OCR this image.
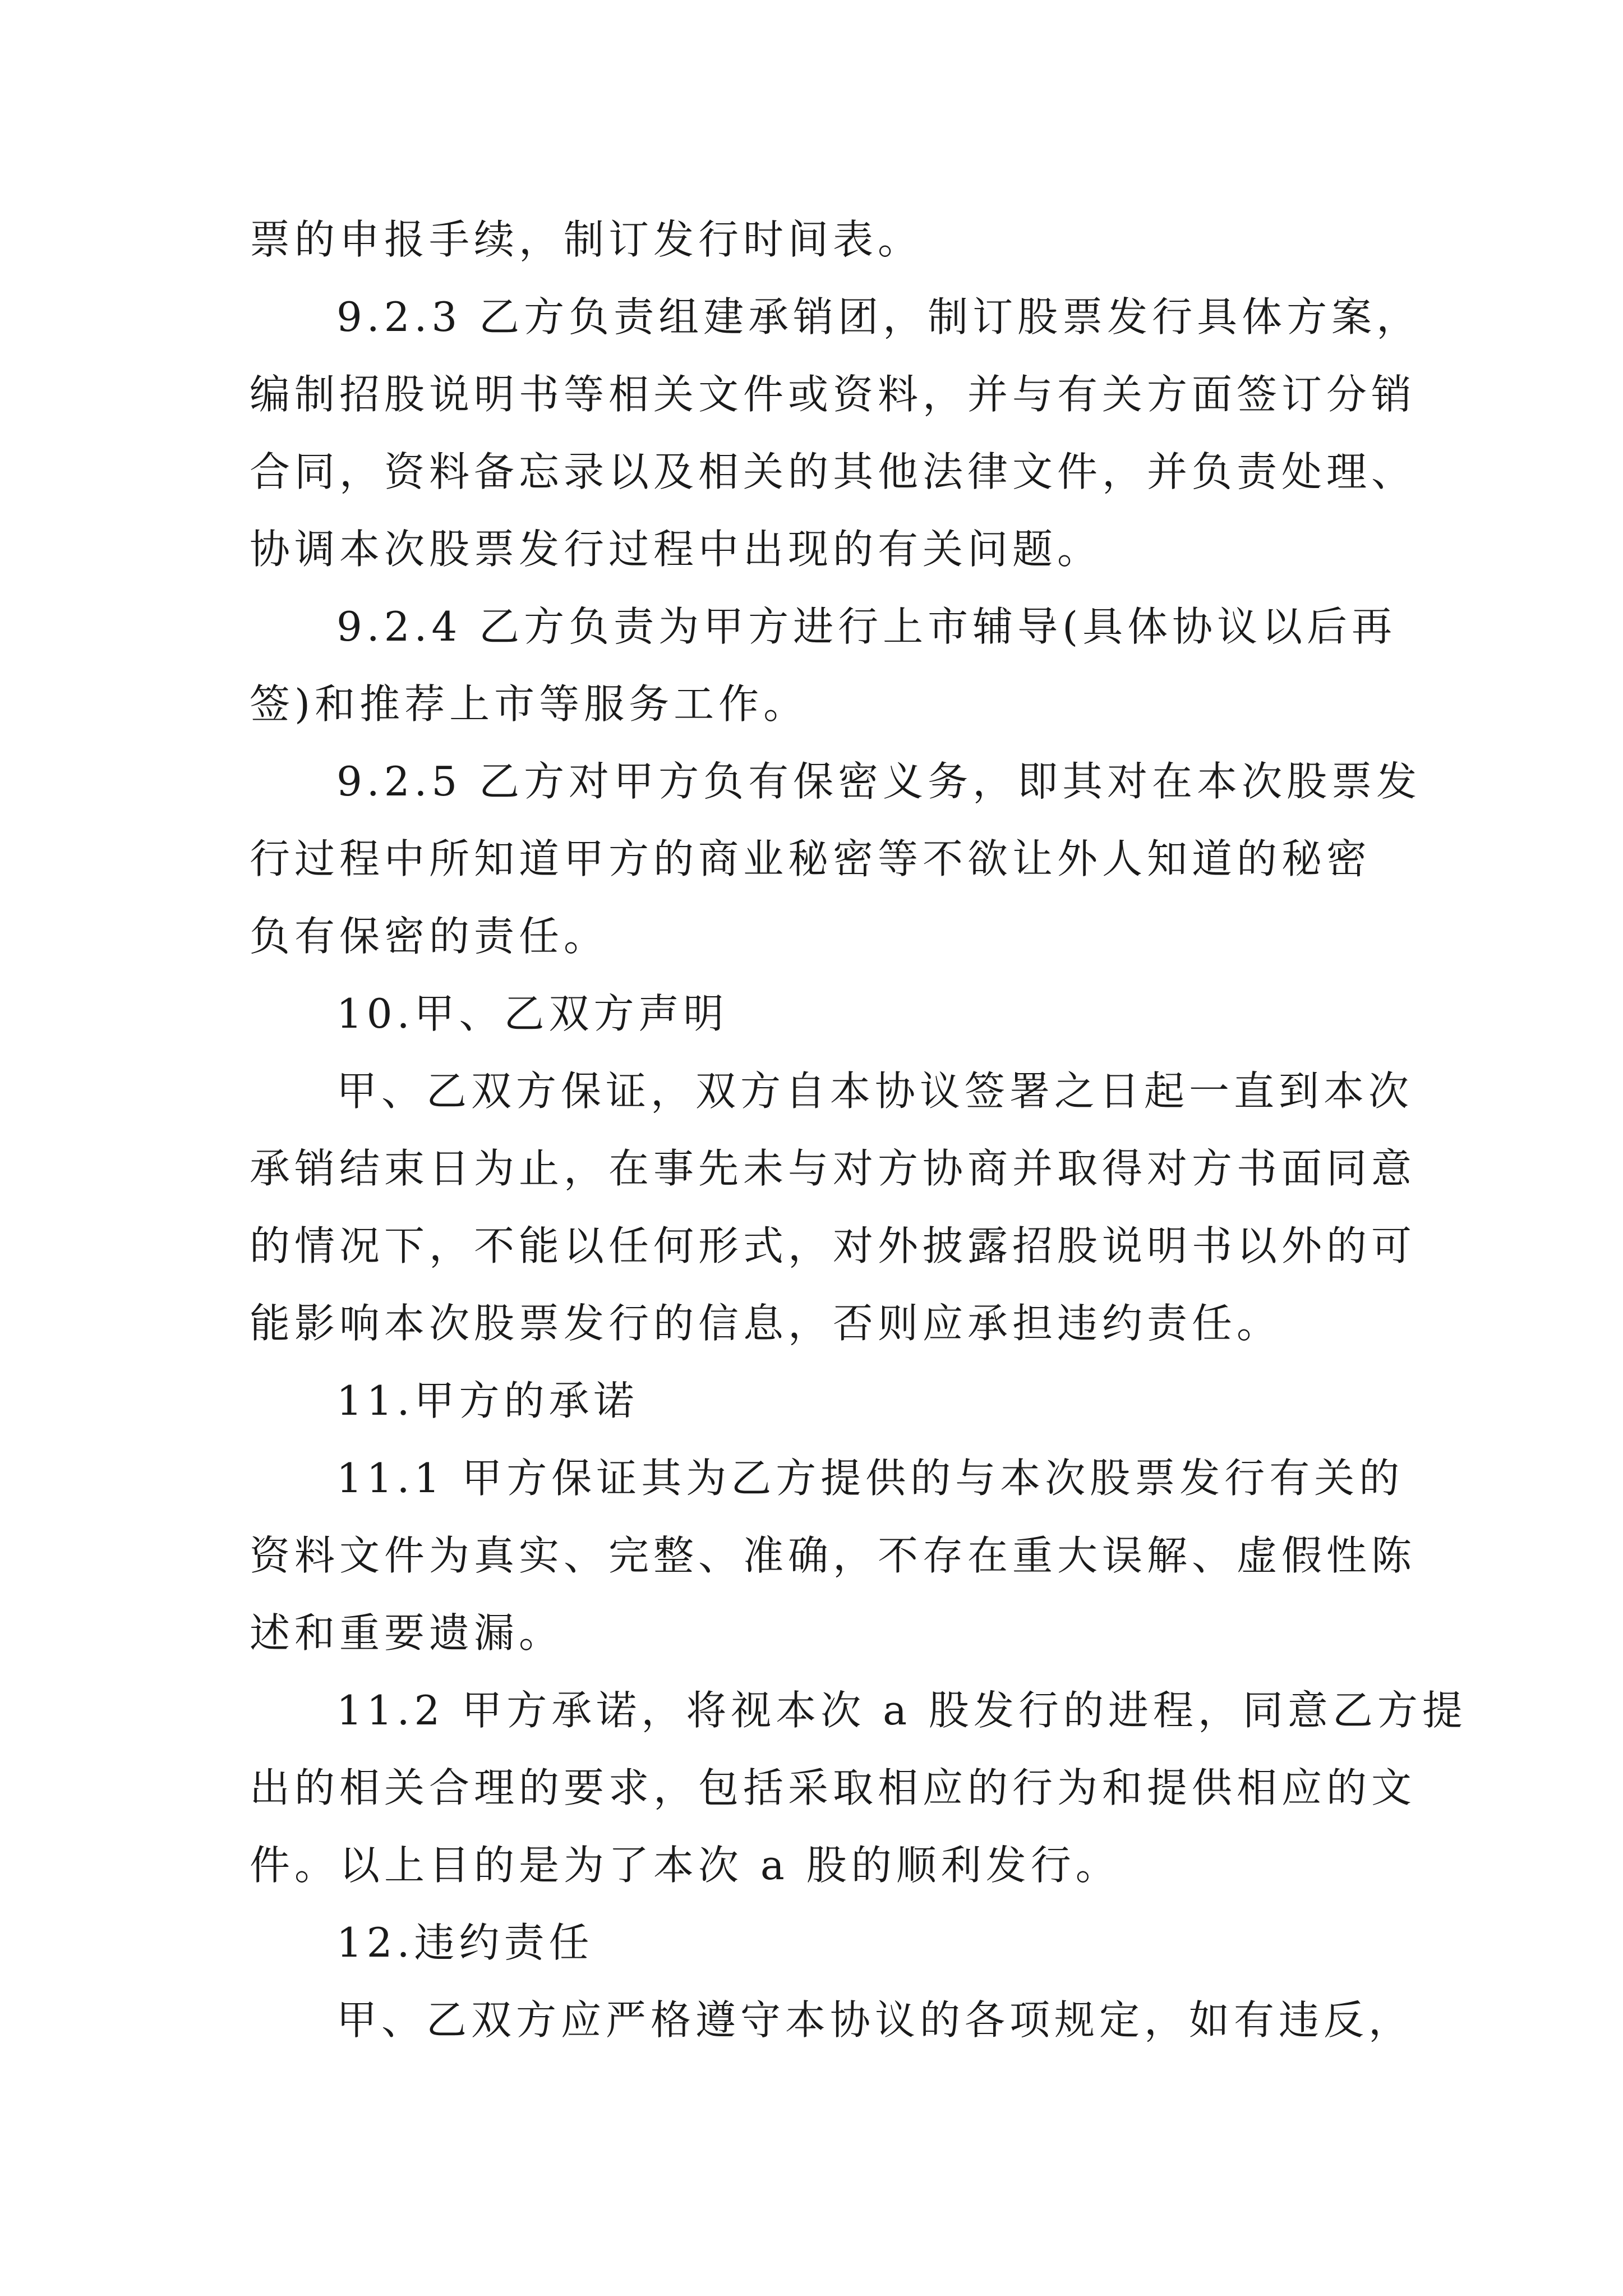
票的申报手续，制订发行时间表。
9.2.3 乙方负责组建承销团，制订股票发行具体方案，
编制招股说明书等相关文件或资料，并与有关方面签订分销
合同，资料备忘录以及相关的其他法律文件，并负责处理、
协调本次股票发行过程中出现的有关问题。
9.2.4 乙方负责为甲方进行上市辅导(具体协议以后再
签)和推荐上市等服务工作。
9.2.5 乙方对甲方负有保密义务，即其对在本次股票发
行过程中所知道甲方的商业秘密等不欲让外人知道的秘密
负有保密的责任。
10.甲、乙双方声明
甲、乙双方保证，双方自本协议签署之日起一直到本次
承销结束日为止，在事先未与对方协商并取得对方书面同意
的情况下，不能以任何形式，对外披露招股说明书以外的可
能影响本次股票发行的信息，否则应承担违约责任。
11.甲方的承诺
11.1 甲方保证其为乙方提供的与本次股票发行有关的
资料文件为真实、完整、准确，不存在重大误解、虚假性陈
述和重要遗漏。
11.2 甲方承诺，将视本次 a 股发行的进程，同意乙方提
出的相关合理的要求，包括采取相应的行为和提供相应的文
件。以上目的是为了本次 a 股的顺利发行。
12.违约责任
甲、乙双方应严格遵守本协议的各项规定，如有违反，
